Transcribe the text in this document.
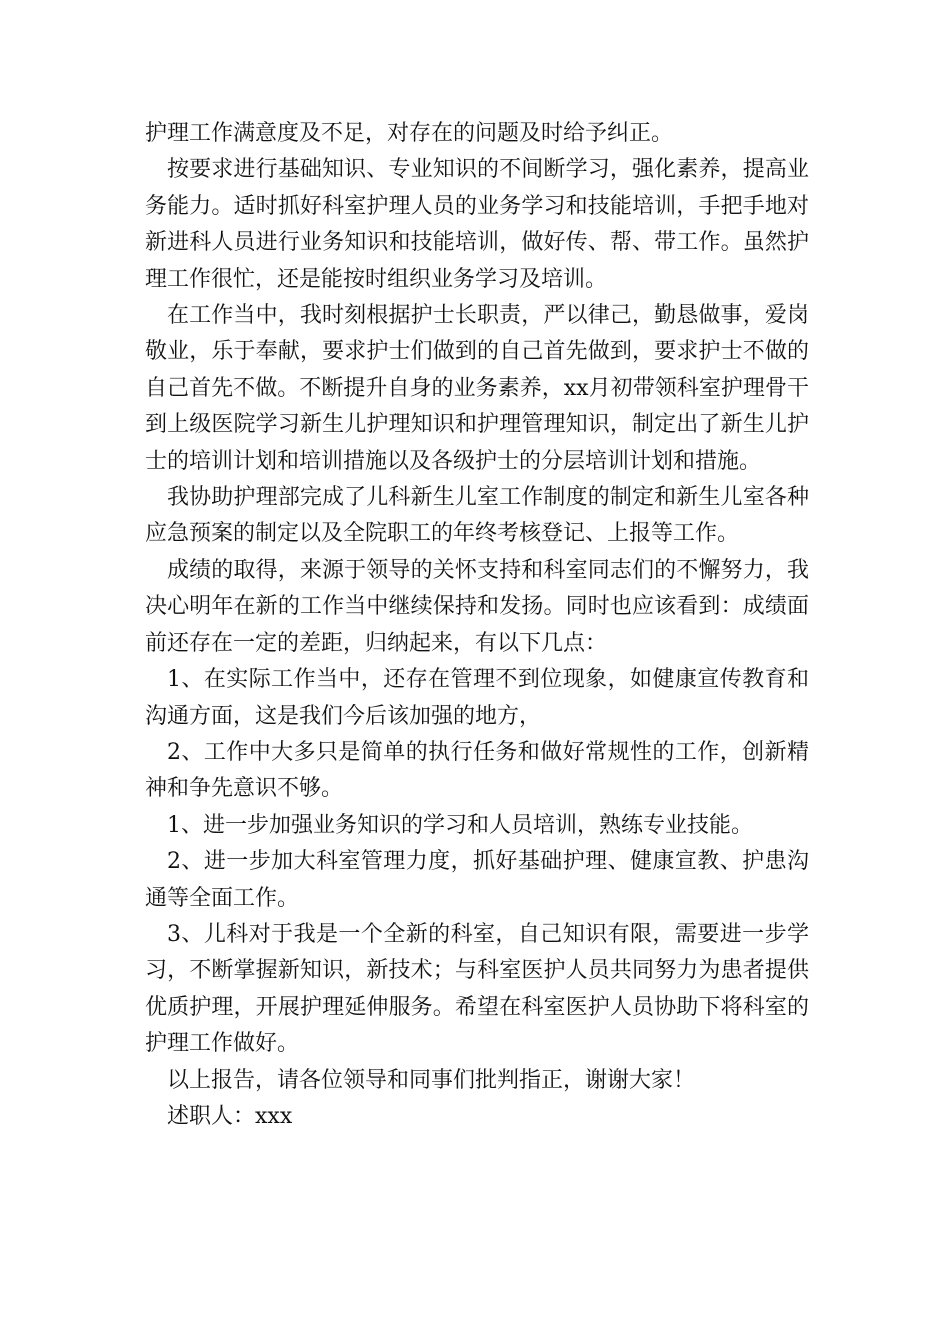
护理工作满意度及不足，对存在的问题及时给予纠正。

按要求进行基础知识、专业知识的不间断学习，强化素养，提高业务能力。适时抓好科室护理人员的业务学习和技能培训，手把手地对新进科人员进行业务知识和技能培训，做好传、帮、带工作。虽然护理工作很忙，还是能按时组织业务学习及培训。

在工作当中，我时刻根据护士长职责，严以律己，勤恳做事，爱岗敬业，乐于奉献，要求护士们做到的自己首先做到，要求护士不做的自己首先不做。不断提升自身的业务素养，xx月初带领科室护理骨干到上级医院学习新生儿护理知识和护理管理知识，制定出了新生儿护士的培训计划和培训措施以及各级护士的分层培训计划和措施。

我协助护理部完成了儿科新生儿室工作制度的制定和新生儿室各种应急预案的制定以及全院职工的年终考核登记、上报等工作。

成绩的取得，来源于领导的关怀支持和科室同志们的不懈努力，我决心明年在新的工作当中继续保持和发扬。同时也应该看到：成绩面前还存在一定的差距，归纳起来，有以下几点：

1、在实际工作当中，还存在管理不到位现象，如健康宣传教育和沟通方面，这是我们今后该加强的地方，

2、工作中大多只是简单的执行任务和做好常规性的工作，创新精神和争先意识不够。

1、进一步加强业务知识的学习和人员培训，熟练专业技能。

2、进一步加大科室管理力度，抓好基础护理、健康宣教、护患沟通等全面工作。

3、儿科对于我是一个全新的科室，自己知识有限，需要进一步学习，不断掌握新知识，新技术；与科室医护人员共同努力为患者提供优质护理，开展护理延伸服务。希望在科室医护人员协助下将科室的护理工作做好。

以上报告，请各位领导和同事们批判指正，谢谢大家！

述职人：xxx
